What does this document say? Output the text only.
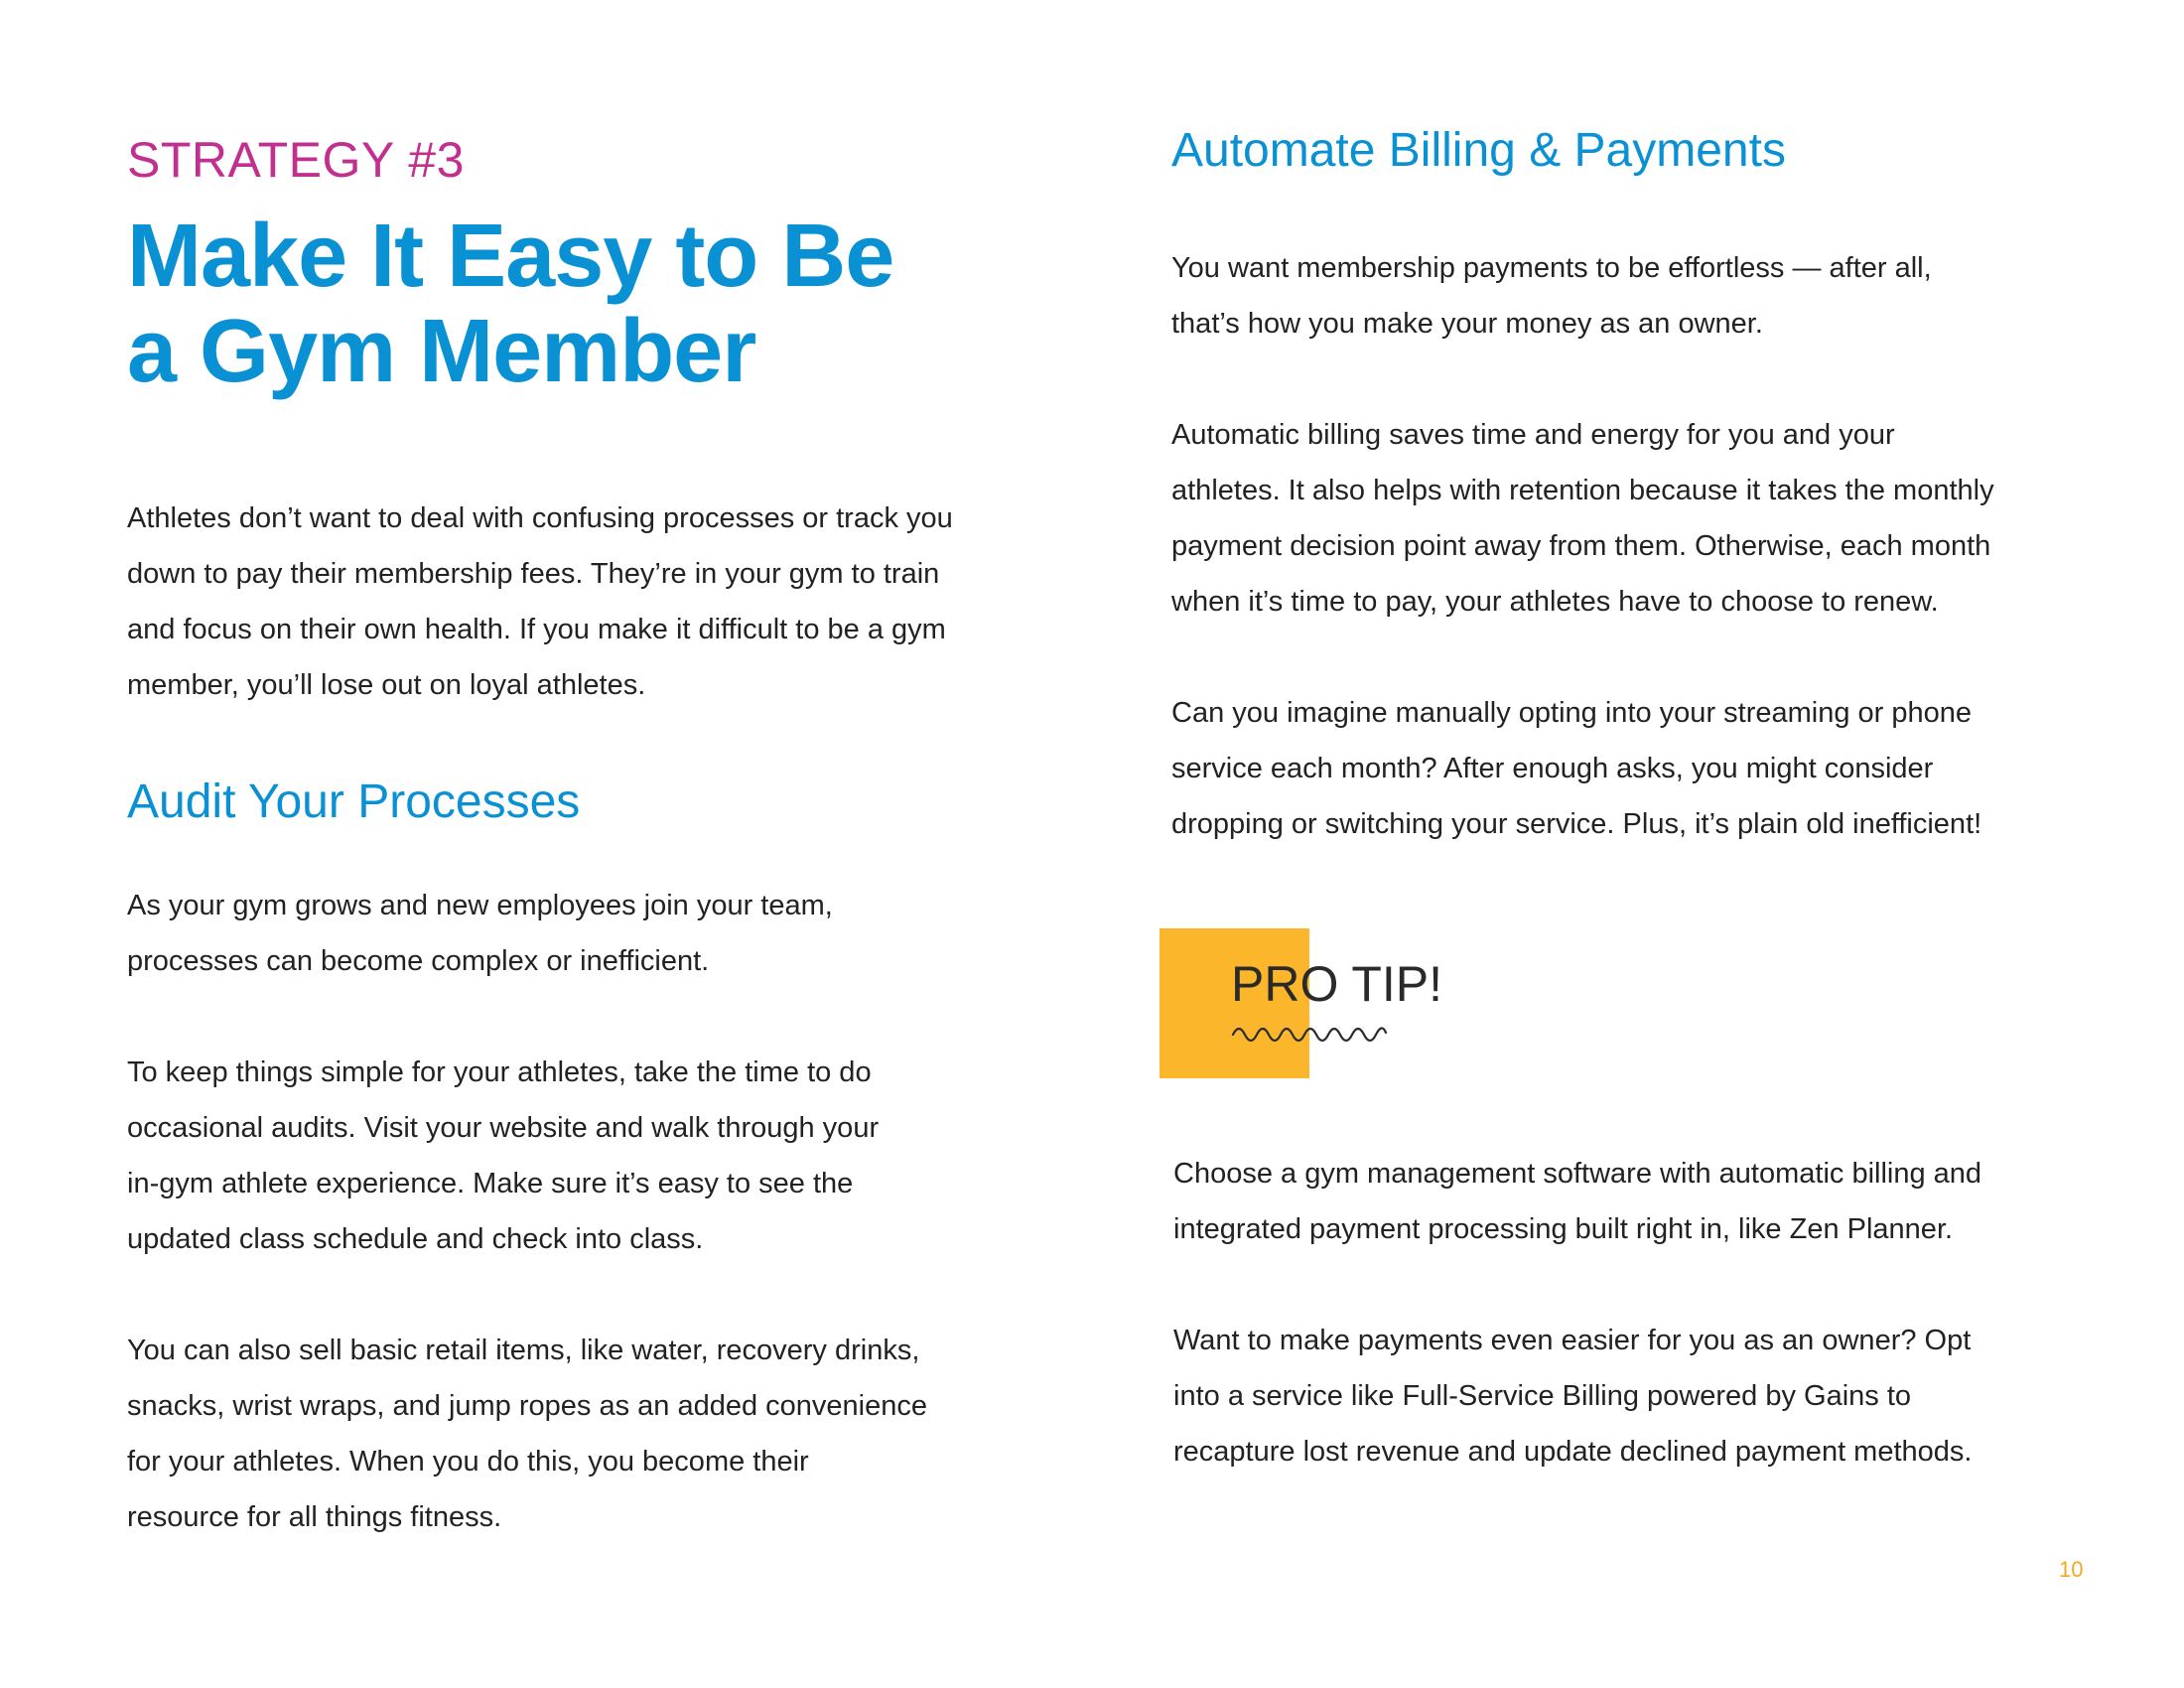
STRATEGY #3
Make It Easy to Be
a Gym Member

Athletes don’t want to deal with confusing processes or track you
down to pay their membership fees. They’re in your gym to train
and focus on their own health. If you make it difficult to be a gym
member, you’ll lose out on loyal athletes.

Audit Your Processes

As your gym grows and new employees join your team,
processes can become complex or inefficient.

To keep things simple for your athletes, take the time to do
occasional audits. Visit your website and walk through your
in-gym athlete experience. Make sure it’s easy to see the
updated class schedule and check into class.

You can also sell basic retail items, like water, recovery drinks,
snacks, wrist wraps, and jump ropes as an added convenience
for your athletes. When you do this, you become their
resource for all things fitness.

Automate Billing & Payments

You want membership payments to be effortless — after all,
that’s how you make your money as an owner.

Automatic billing saves time and energy for you and your
athletes. It also helps with retention because it takes the monthly
payment decision point away from them. Otherwise, each month
when it’s time to pay, your athletes have to choose to renew.

Can you imagine manually opting into your streaming or phone
service each month? After enough asks, you might consider
dropping or switching your service. Plus, it’s plain old inefficient!

PRO TIP!

Choose a gym management software with automatic billing and
integrated payment processing built right in, like Zen Planner.

Want to make payments even easier for you as an owner? Opt
into a service like Full-Service Billing powered by Gains to
recapture lost revenue and update declined payment methods.

10
